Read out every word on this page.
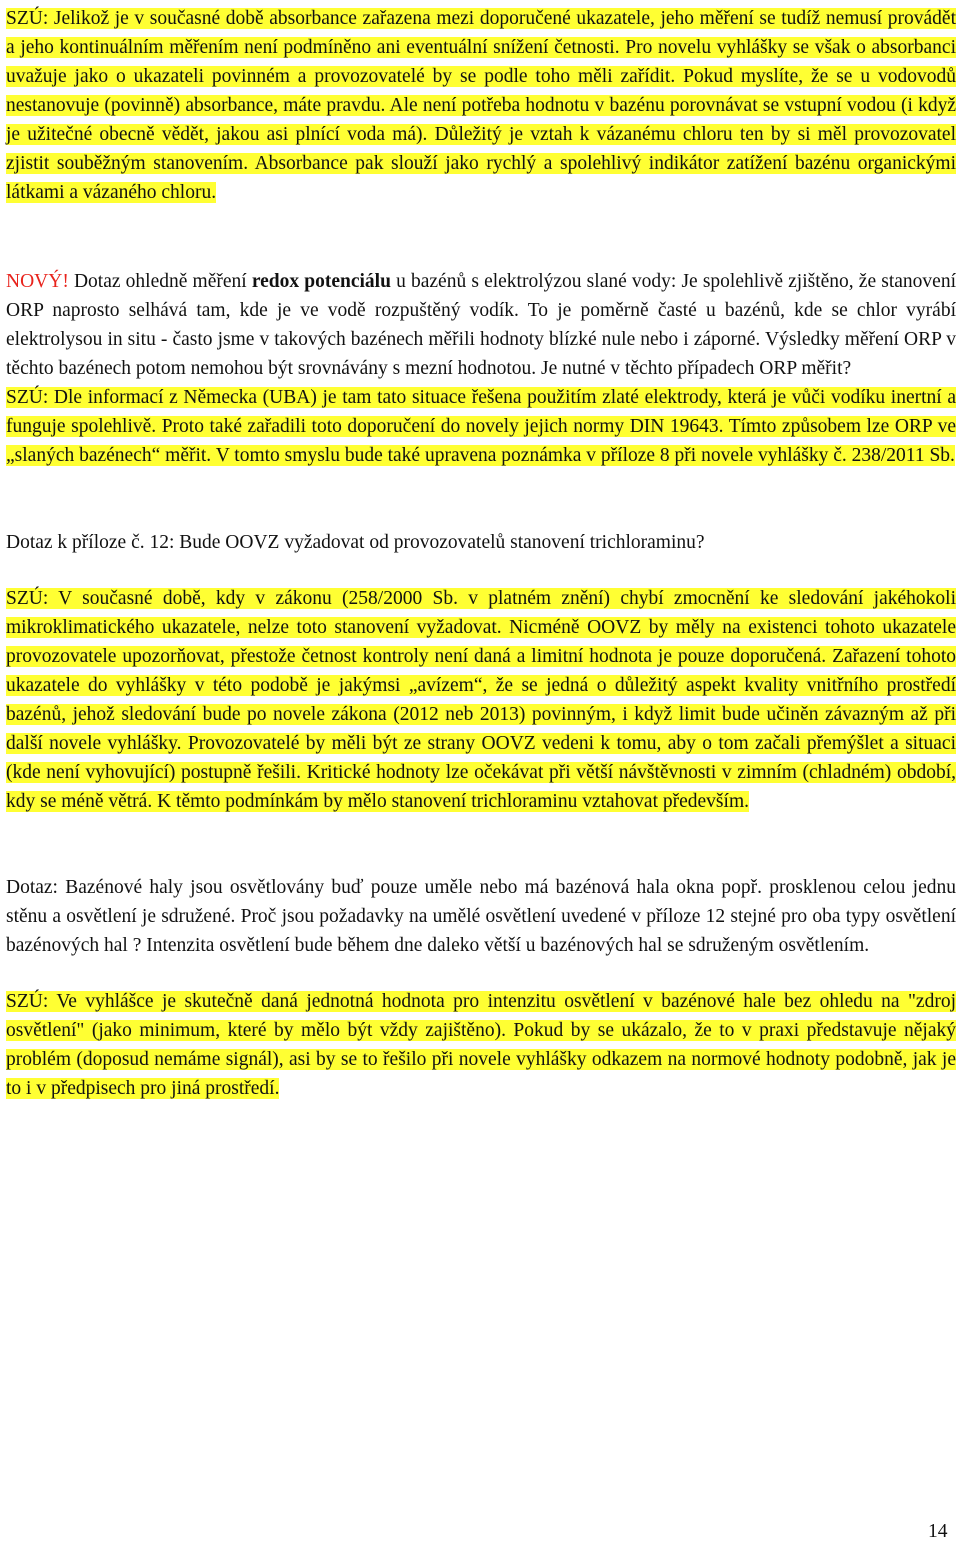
SZÚ: Jelikož je v současné době absorbance zařazena mezi doporučené ukazatele, jeho měření se tudíž nemusí provádět a jeho kontinuálním měřením není podmíněno ani eventuální snížení četnosti. Pro novelu vyhlášky se však o absorbanci uvažuje jako o ukazateli povinném a provozovatelé by se podle toho měli zařídit. Pokud myslíte, že se u vodovodů nestanovuje (povinně) absorbance, máte pravdu. Ale není potřeba hodnotu v bazénu porovnávat se vstupní vodou (i když je užitečné obecně vědět, jakou asi plnící voda má). Důležitý je vztah k vázanému chloru ten by si měl provozovatel zjistit souběžným stanovením. Absorbance pak slouží jako rychlý a spolehlivý indikátor zatížení bazénu organickými látkami a vázaného chloru.

NOVÝ! Dotaz ohledně měření redox potenciálu u bazénů s elektrolýzou slané vody: Je spolehlivě zjištěno, že stanovení ORP naprosto selhává tam, kde je ve vodě rozpuštěný vodík. To je poměrně časté u bazénů, kde se chlor vyrábí elektrolysou in situ - často jsme v takových bazénech měřili hodnoty blízké nule nebo i záporné. Výsledky měření ORP v těchto bazénech potom nemohou být srovnávány s mezní hodnotou. Je nutné v těchto případech ORP měřit?

SZÚ: Dle informací z Německa (UBA) je tam tato situace řešena použitím zlaté elektrody, která je vůči vodíku inertní a funguje spolehlivě. Proto také zařadili toto doporučení do novely jejich normy DIN 19643. Tímto způsobem lze ORP ve „slaných bazénech“ měřit. V tomto smyslu bude také upravena poznámka v příloze 8 při novele vyhlášky č. 238/2011 Sb.

Dotaz k příloze č. 12: Bude OOVZ vyžadovat od provozovatelů stanovení trichloraminu?

SZÚ: V současné době, kdy v zákonu (258/2000 Sb. v platném znění) chybí zmocnění ke sledování jakéhokoli mikroklimatického ukazatele, nelze toto stanovení vyžadovat. Nicméně OOVZ by měly na existenci tohoto ukazatele provozovatele upozorňovat, přestože četnost kontroly není daná a limitní hodnota je pouze doporučená. Zařazení tohoto ukazatele do vyhlášky v této podobě je jakýmsi „avízem“, že se jedná o důležitý aspekt kvality vnitřního prostředí bazénů, jehož sledování bude po novele zákona (2012 neb 2013) povinným, i když limit bude učiněn závazným až při další novele vyhlášky. Provozovatelé by měli být ze strany OOVZ vedeni k tomu, aby o tom začali přemýšlet a situaci (kde není vyhovující) postupně řešili. Kritické hodnoty lze očekávat při větší návštěvnosti v zimním (chladném) období, kdy se méně větrá. K těmto podmínkám by mělo stanovení trichloraminu vztahovat především.

Dotaz: Bazénové haly jsou osvětlovány buď pouze uměle nebo má bazénová hala okna popř. prosklenou celou jednu stěnu a osvětlení je sdružené. Proč jsou požadavky na umělé osvětlení uvedené v příloze 12 stejné pro oba typy osvětlení bazénových hal ? Intenzita osvětlení bude během dne daleko větší u bazénových hal se sdruženým osvětlením.

SZÚ: Ve vyhlášce je skutečně daná jednotná hodnota pro intenzitu osvětlení v bazénové hale bez ohledu na "zdroj osvětlení" (jako minimum, které by mělo být vždy zajištěno). Pokud by se ukázalo, že to v praxi představuje nějaký problém (doposud nemáme signál), asi by se to řešilo při novele vyhlášky odkazem na normové hodnoty podobně, jak je to i v předpisech pro jiná prostředí.

14
